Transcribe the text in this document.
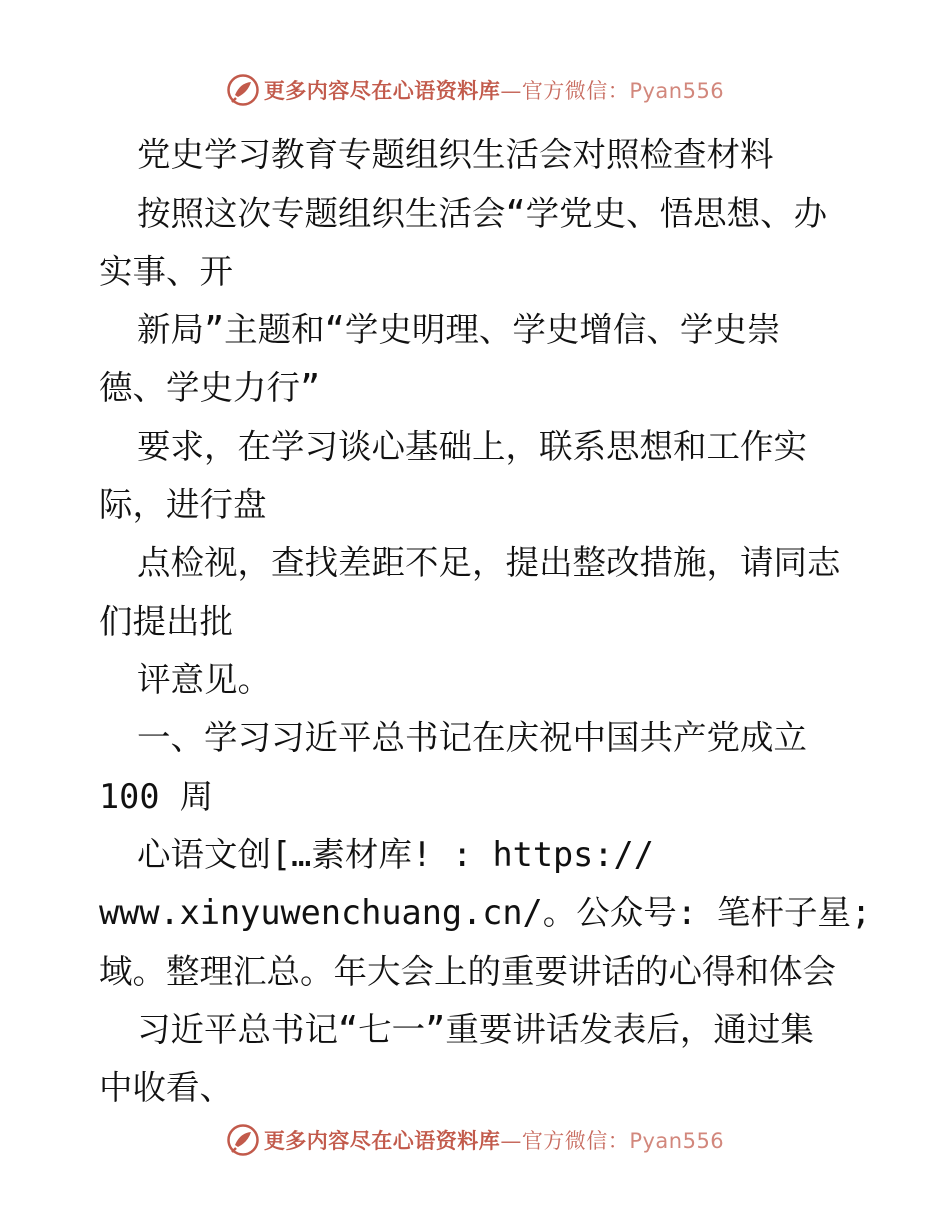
更多内容尽在心语资料库—官方微信：Pyan556
党史学习教育专题组织生活会对照检查材料
按照这次专题组织生活会“学党史、悟思想、办
实事、开
新局”主题和“学史明理、学史增信、学史崇
德、学史力行”
要求，在学习谈心基础上，联系思想和工作实
际，进行盘
点检视，查找差距不足，提出整改措施，请同志
们提出批
评意见。
一、学习习近平总书记在庆祝中国共产党成立
100 周
心语文创[…素材库! : https://
www.xinyuwenchuang.cn/。公众号: 笔杆子星;
域。整理汇总。年大会上的重要讲话的心得和体会
习近平总书记“七一”重要讲话发表后，通过集
中收看、
更多内容尽在心语资料库—官方微信：Pyan556
